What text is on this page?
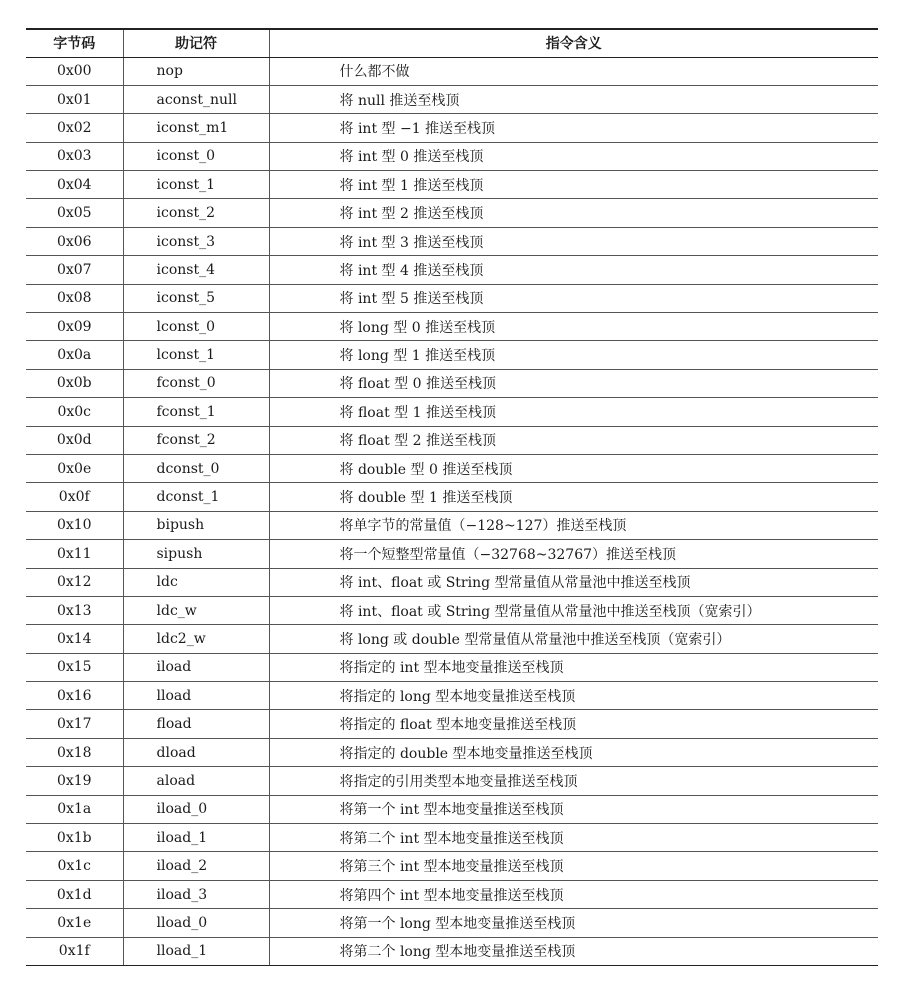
字节码	助记符	指令含义
0x00	nop	什么都不做
0x01	aconst_null	将 null 推送至栈顶
0x02	iconst_m1	将 int 型 −1 推送至栈顶
0x03	iconst_0	将 int 型 0 推送至栈顶
0x04	iconst_1	将 int 型 1 推送至栈顶
0x05	iconst_2	将 int 型 2 推送至栈顶
0x06	iconst_3	将 int 型 3 推送至栈顶
0x07	iconst_4	将 int 型 4 推送至栈顶
0x08	iconst_5	将 int 型 5 推送至栈顶
0x09	lconst_0	将 long 型 0 推送至栈顶
0x0a	lconst_1	将 long 型 1 推送至栈顶
0x0b	fconst_0	将 float 型 0 推送至栈顶
0x0c	fconst_1	将 float 型 1 推送至栈顶
0x0d	fconst_2	将 float 型 2 推送至栈顶
0x0e	dconst_0	将 double 型 0 推送至栈顶
0x0f	dconst_1	将 double 型 1 推送至栈顶
0x10	bipush	将单字节的常量值（−128~127）推送至栈顶
0x11	sipush	将一个短整型常量值（−32768~32767）推送至栈顶
0x12	ldc	将 int、float 或 String 型常量值从常量池中推送至栈顶
0x13	ldc_w	将 int、float 或 String 型常量值从常量池中推送至栈顶（宽索引）
0x14	ldc2_w	将 long 或 double 型常量值从常量池中推送至栈顶（宽索引）
0x15	iload	将指定的 int 型本地变量推送至栈顶
0x16	lload	将指定的 long 型本地变量推送至栈顶
0x17	fload	将指定的 float 型本地变量推送至栈顶
0x18	dload	将指定的 double 型本地变量推送至栈顶
0x19	aload	将指定的引用类型本地变量推送至栈顶
0x1a	iload_0	将第一个 int 型本地变量推送至栈顶
0x1b	iload_1	将第二个 int 型本地变量推送至栈顶
0x1c	iload_2	将第三个 int 型本地变量推送至栈顶
0x1d	iload_3	将第四个 int 型本地变量推送至栈顶
0x1e	lload_0	将第一个 long 型本地变量推送至栈顶
0x1f	lload_1	将第二个 long 型本地变量推送至栈顶
